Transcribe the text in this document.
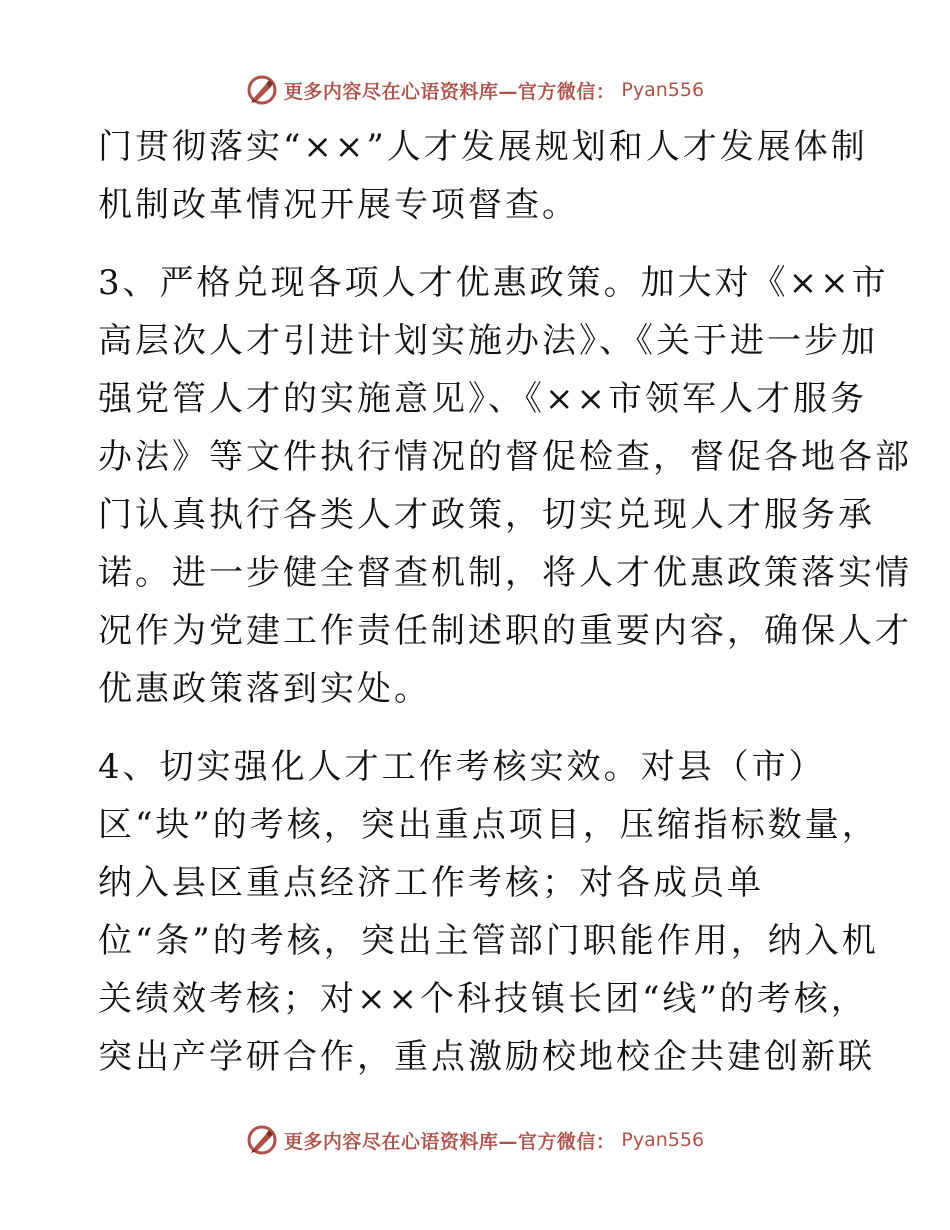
更多内容尽在心语资料库—官方微信： Pyan556
门贯彻落实“××”人才发展规划和人才发展体制
机制改革情况开展专项督查。
3、严格兑现各项人才优惠政策。加大对《××市
高层次人才引进计划实施办法》、《关于进一步加
强党管人才的实施意见》、《××市领军人才服务
办法》等文件执行情况的督促检查，督促各地各部
门认真执行各类人才政策，切实兑现人才服务承
诺。进一步健全督查机制，将人才优惠政策落实情
况作为党建工作责任制述职的重要内容，确保人才
优惠政策落到实处。
4、切实强化人才工作考核实效。对县（市）
区“块”的考核，突出重点项目，压缩指标数量，
纳入县区重点经济工作考核；对各成员单
位“条”的考核，突出主管部门职能作用，纳入机
关绩效考核；对××个科技镇长团“线”的考核，
突出产学研合作，重点激励校地校企共建创新联
更多内容尽在心语资料库—官方微信： Pyan556
